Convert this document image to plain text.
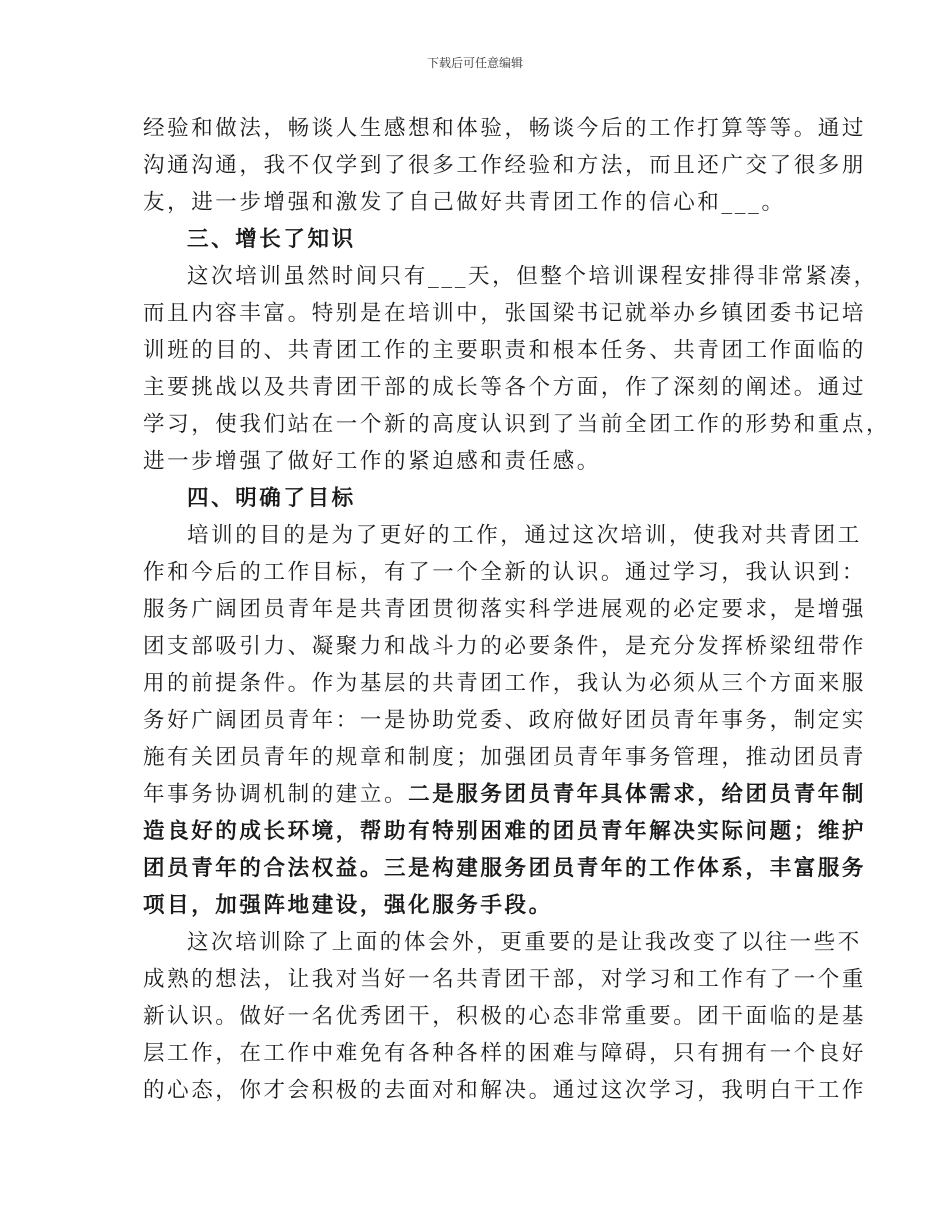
下载后可任意编辑
经验和做法，畅谈人生感想和体验，畅谈今后的工作打算等等。通过
沟通沟通，我不仅学到了很多工作经验和方法，而且还广交了很多朋
友，进一步增强和激发了自己做好共青团工作的信心和___。
三、增长了知识
这次培训虽然时间只有___天，但整个培训课程安排得非常紧凑，
而且内容丰富。特别是在培训中，张国梁书记就举办乡镇团委书记培
训班的目的、共青团工作的主要职责和根本任务、共青团工作面临的
主要挑战以及共青团干部的成长等各个方面，作了深刻的阐述。通过
学习，使我们站在一个新的高度认识到了当前全团工作的形势和重点，
进一步增强了做好工作的紧迫感和责任感。
四、明确了目标
培训的目的是为了更好的工作，通过这次培训，使我对共青团工
作和今后的工作目标，有了一个全新的认识。通过学习，我认识到：
服务广阔团员青年是共青团贯彻落实科学进展观的必定要求，是增强
团支部吸引力、凝聚力和战斗力的必要条件，是充分发挥桥梁纽带作
用的前提条件。作为基层的共青团工作，我认为必须从三个方面来服
务好广阔团员青年：一是协助党委、政府做好团员青年事务，制定实
施有关团员青年的规章和制度；加强团员青年事务管理，推动团员青
年事务协调机制的建立。二是服务团员青年具体需求，给团员青年制
造良好的成长环境，帮助有特别困难的团员青年解决实际问题；维护
团员青年的合法权益。三是构建服务团员青年的工作体系，丰富服务
项目，加强阵地建设，强化服务手段。
这次培训除了上面的体会外，更重要的是让我改变了以往一些不
成熟的想法，让我对当好一名共青团干部，对学习和工作有了一个重
新认识。做好一名优秀团干，积极的心态非常重要。团干面临的是基
层工作，在工作中难免有各种各样的困难与障碍，只有拥有一个良好
的心态，你才会积极的去面对和解决。通过这次学习，我明白干工作
